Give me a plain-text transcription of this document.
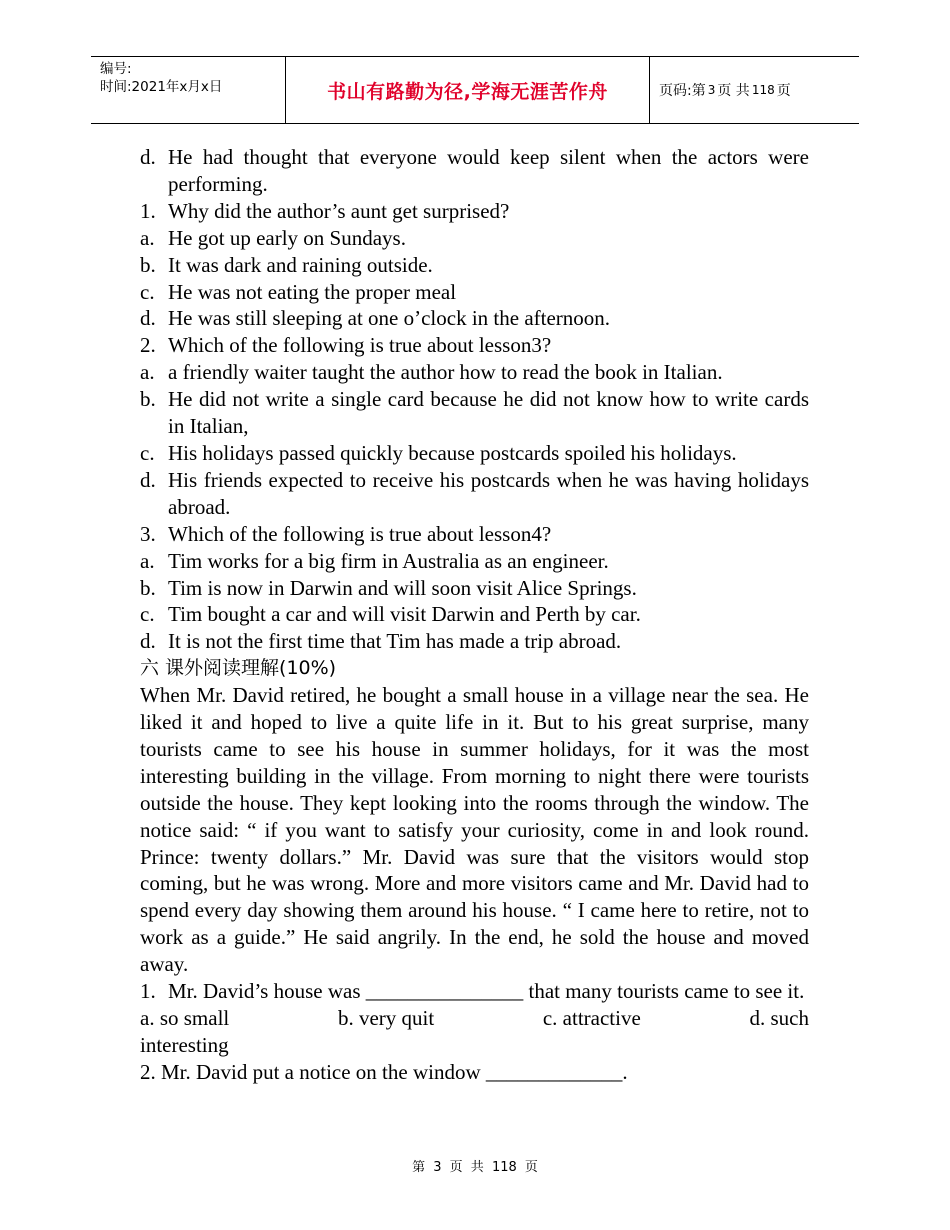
编号:
时间:2021年x月x日	书山有路勤为径,学海无涯苦作舟	页码:第 3 页 共 118 页
d. He had thought that everyone would keep silent when the actors were performing.
1. Why did the author’s aunt get surprised?
a. He got up early on Sundays.
b. It was dark and raining outside.
c. He was not eating the proper meal
d. He was still sleeping at one o’clock in the afternoon.
2. Which of the following is true about lesson3?
a. a friendly waiter taught the author how to read the book in Italian.
b. He did not write a single card because he did not know how to write cards in Italian,
c. His holidays passed quickly because postcards spoiled his holidays.
d. His friends expected to receive his postcards when he was having holidays abroad.
3. Which of the following is true about lesson4?
a. Tim works for a big firm in Australia as an engineer.
b. Tim is now in Darwin and will soon visit Alice Springs.
c. Tim bought a car and will visit Darwin and Perth by car.
d. It is not the first time that Tim has made a trip abroad.
六 课外阅读理解(10%)
When Mr. David retired, he bought a small house in a village near the sea. He liked it and hoped to live a quite life in it. But to his great surprise, many tourists came to see his house in summer holidays, for it was the most interesting building in the village. From morning to night there were tourists outside the house. They kept looking into the rooms through the window. The notice said: “ if you want to satisfy your curiosity, come in and look round. Prince: twenty dollars.” Mr. David was sure that the visitors would stop coming, but he was wrong. More and more visitors came and Mr. David had to spend every day showing them around his house. “ I came here to retire, not to work as a guide.” He said angrily. In the end, he sold the house and moved away.
1. Mr. David’s house was _______________ that many tourists came to see it.
a. so small	b. very quit	c. attractive	d. such
interesting
2. Mr. David put a notice on the window _____________.
第 3 页 共 118 页
